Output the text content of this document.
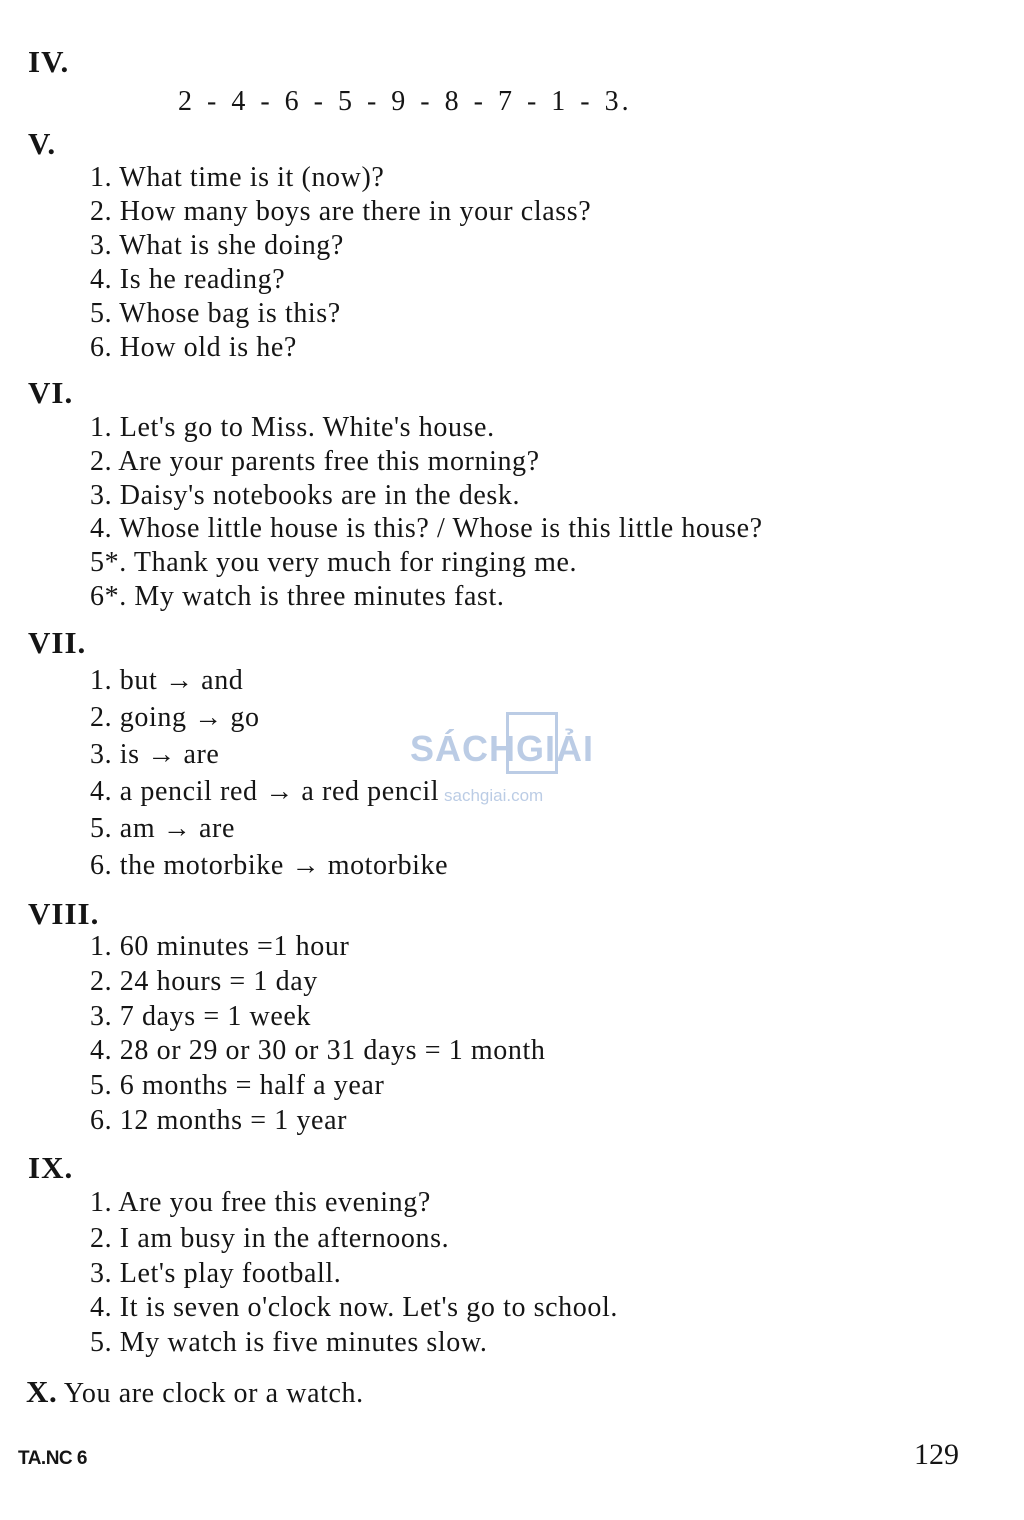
IV.
2 - 4 - 6 - 5 - 9 - 8 - 7 - 1 - 3.
V.
1. What time is it (now)?
2. How many boys are there in your class?
3. What is she doing?
4. Is he reading?
5. Whose bag is this?
6. How old is he?
VI.
1. Let's go to Miss. White's house.
2. Are your parents free this morning?
3. Daisy's notebooks are in the desk.
4. Whose little house is this? / Whose is this little house?
5*. Thank you very much for ringing me.
6*. My watch is three minutes fast.
VII.
1. but → and
2. going → go
3. is → are
4. a pencil red → a red pencil
5. am → are
6. the motorbike → motorbike
VIII.
1. 60 minutes =1 hour
2. 24 hours = 1 day
3. 7 days = 1 week
4. 28 or 29 or 30 or 31 days = 1 month
5. 6 months = half a year
6. 12 months = 1 year
IX.
1. Are you free this evening?
2. I am busy in the afternoons.
3. Let's play football.
4. It is seven o'clock now. Let's go to school.
5. My watch is five minutes slow.
X. You are clock or a watch.
TA.NC 6	129
SÁCHGIẢI
sachgiai.com
